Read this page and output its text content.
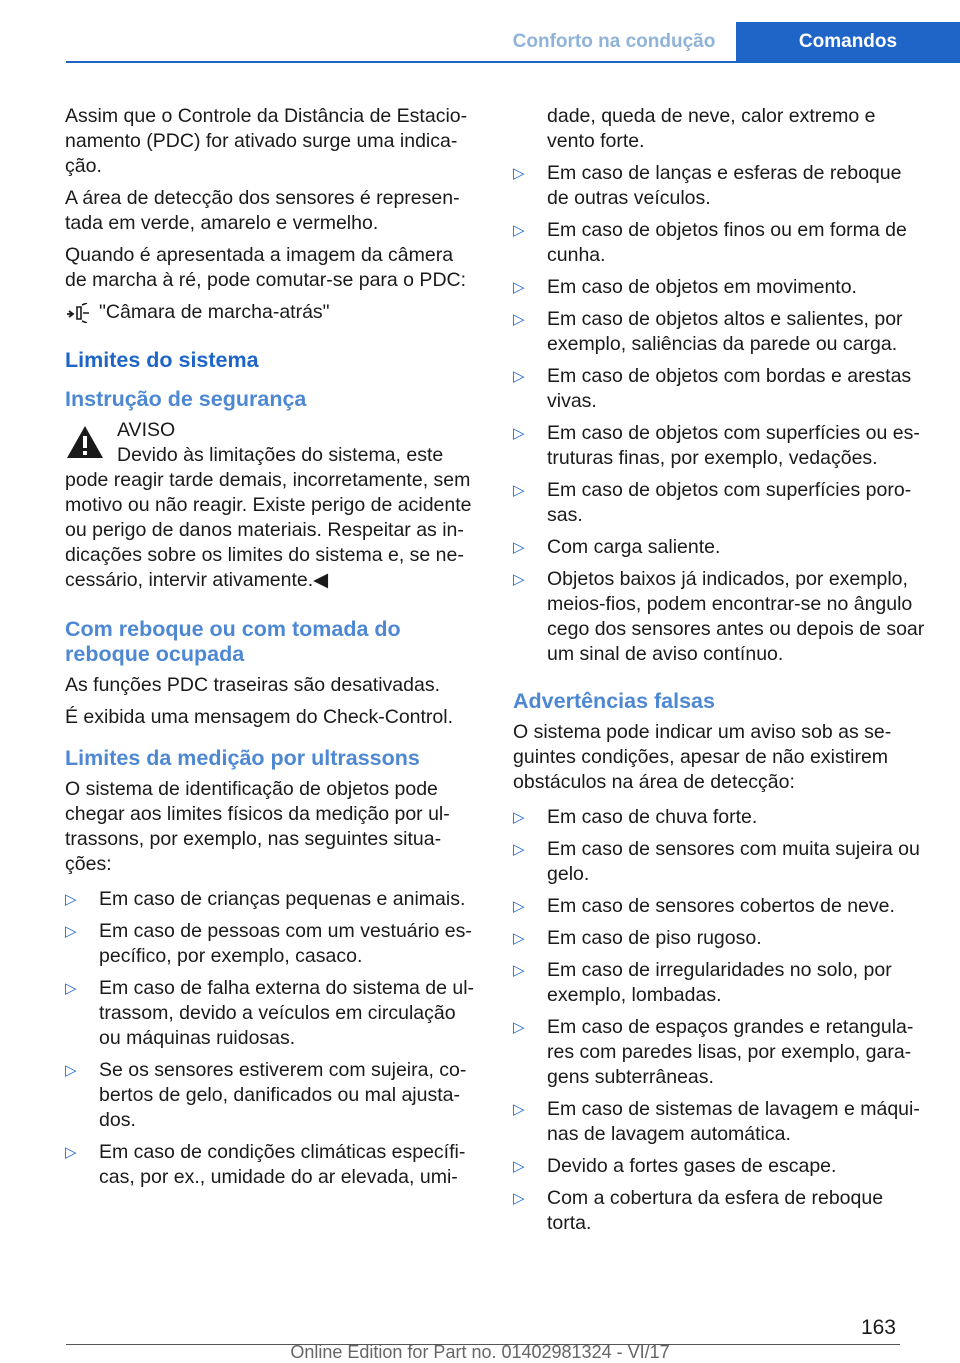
Conforto na condução	Comandos

Assim que o Controle da Distância de Estacio-namento (PDC) for ativado surge uma indica-ção.

A área de detecção dos sensores é represen-tada em verde, amarelo e vermelho.

Quando é apresentada a imagem da câmera de marcha à ré, pode comutar-se para o PDC:

"Câmara de marcha-atrás"
Limites do sistema
Instrução de segurança
AVISO
Devido às limitações do sistema, este pode reagir tarde demais, incorretamente, sem motivo ou não reagir. Existe perigo de acidente ou perigo de danos materiais. Respeitar as in-dicações sobre os limites do sistema e, se ne-cessário, intervir ativamente.◀
Com reboque ou com tomada do reboque ocupada

As funções PDC traseiras são desativadas.

É exibida uma mensagem do Check-Control.

Limites da medição por ultrassons

O sistema de identificação de objetos pode chegar aos limites físicos da medição por ul-trassons, por exemplo, nas seguintes situa-ções:

▷ Em caso de crianças pequenas e animais.
▷ Em caso de pessoas com um vestuário es-pecífico, por exemplo, casaco.
▷ Em caso de falha externa do sistema de ul-trassom, devido a veículos em circulação ou máquinas ruidosas.
▷ Se os sensores estiverem com sujeira, co-bertos de gelo, danificados ou mal ajusta-dos.
▷ Em caso de condições climáticas específi-cas, por ex., umidade do ar elevada, umi-

dade, queda de neve, calor extremo e vento forte.

▷ Em caso de lanças e esferas de reboque de outras veículos.
▷ Em caso de objetos finos ou em forma de cunha.
▷ Em caso de objetos em movimento.
▷ Em caso de objetos altos e salientes, por exemplo, saliências da parede ou carga.
▷ Em caso de objetos com bordas e arestas vivas.
▷ Em caso de objetos com superfícies ou es-truturas finas, por exemplo, vedações.
▷ Em caso de objetos com superfícies poro-sas.
▷ Com carga saliente.
▷ Objetos baixos já indicados, por exemplo, meios-fios, podem encontrar-se no ângulo cego dos sensores antes ou depois de soar um sinal de aviso contínuo.
Advertências falsas

O sistema pode indicar um aviso sob as se-guintes condições, apesar de não existirem obstáculos na área de detecção:

▷ Em caso de chuva forte.
▷ Em caso de sensores com muita sujeira ou gelo.
▷ Em caso de sensores cobertos de neve.
▷ Em caso de piso rugoso.
▷ Em caso de irregularidades no solo, por exemplo, lombadas.
▷ Em caso de espaços grandes e retangula-res com paredes lisas, por exemplo, gara-gens subterrâneas.
▷ Em caso de sistemas de lavagem e máqui-nas de lavagem automática.
▷ Devido a fortes gases de escape.
▷ Com a cobertura da esfera de reboque torta.
163
Online Edition for Part no. 01402981324 - VI/17
